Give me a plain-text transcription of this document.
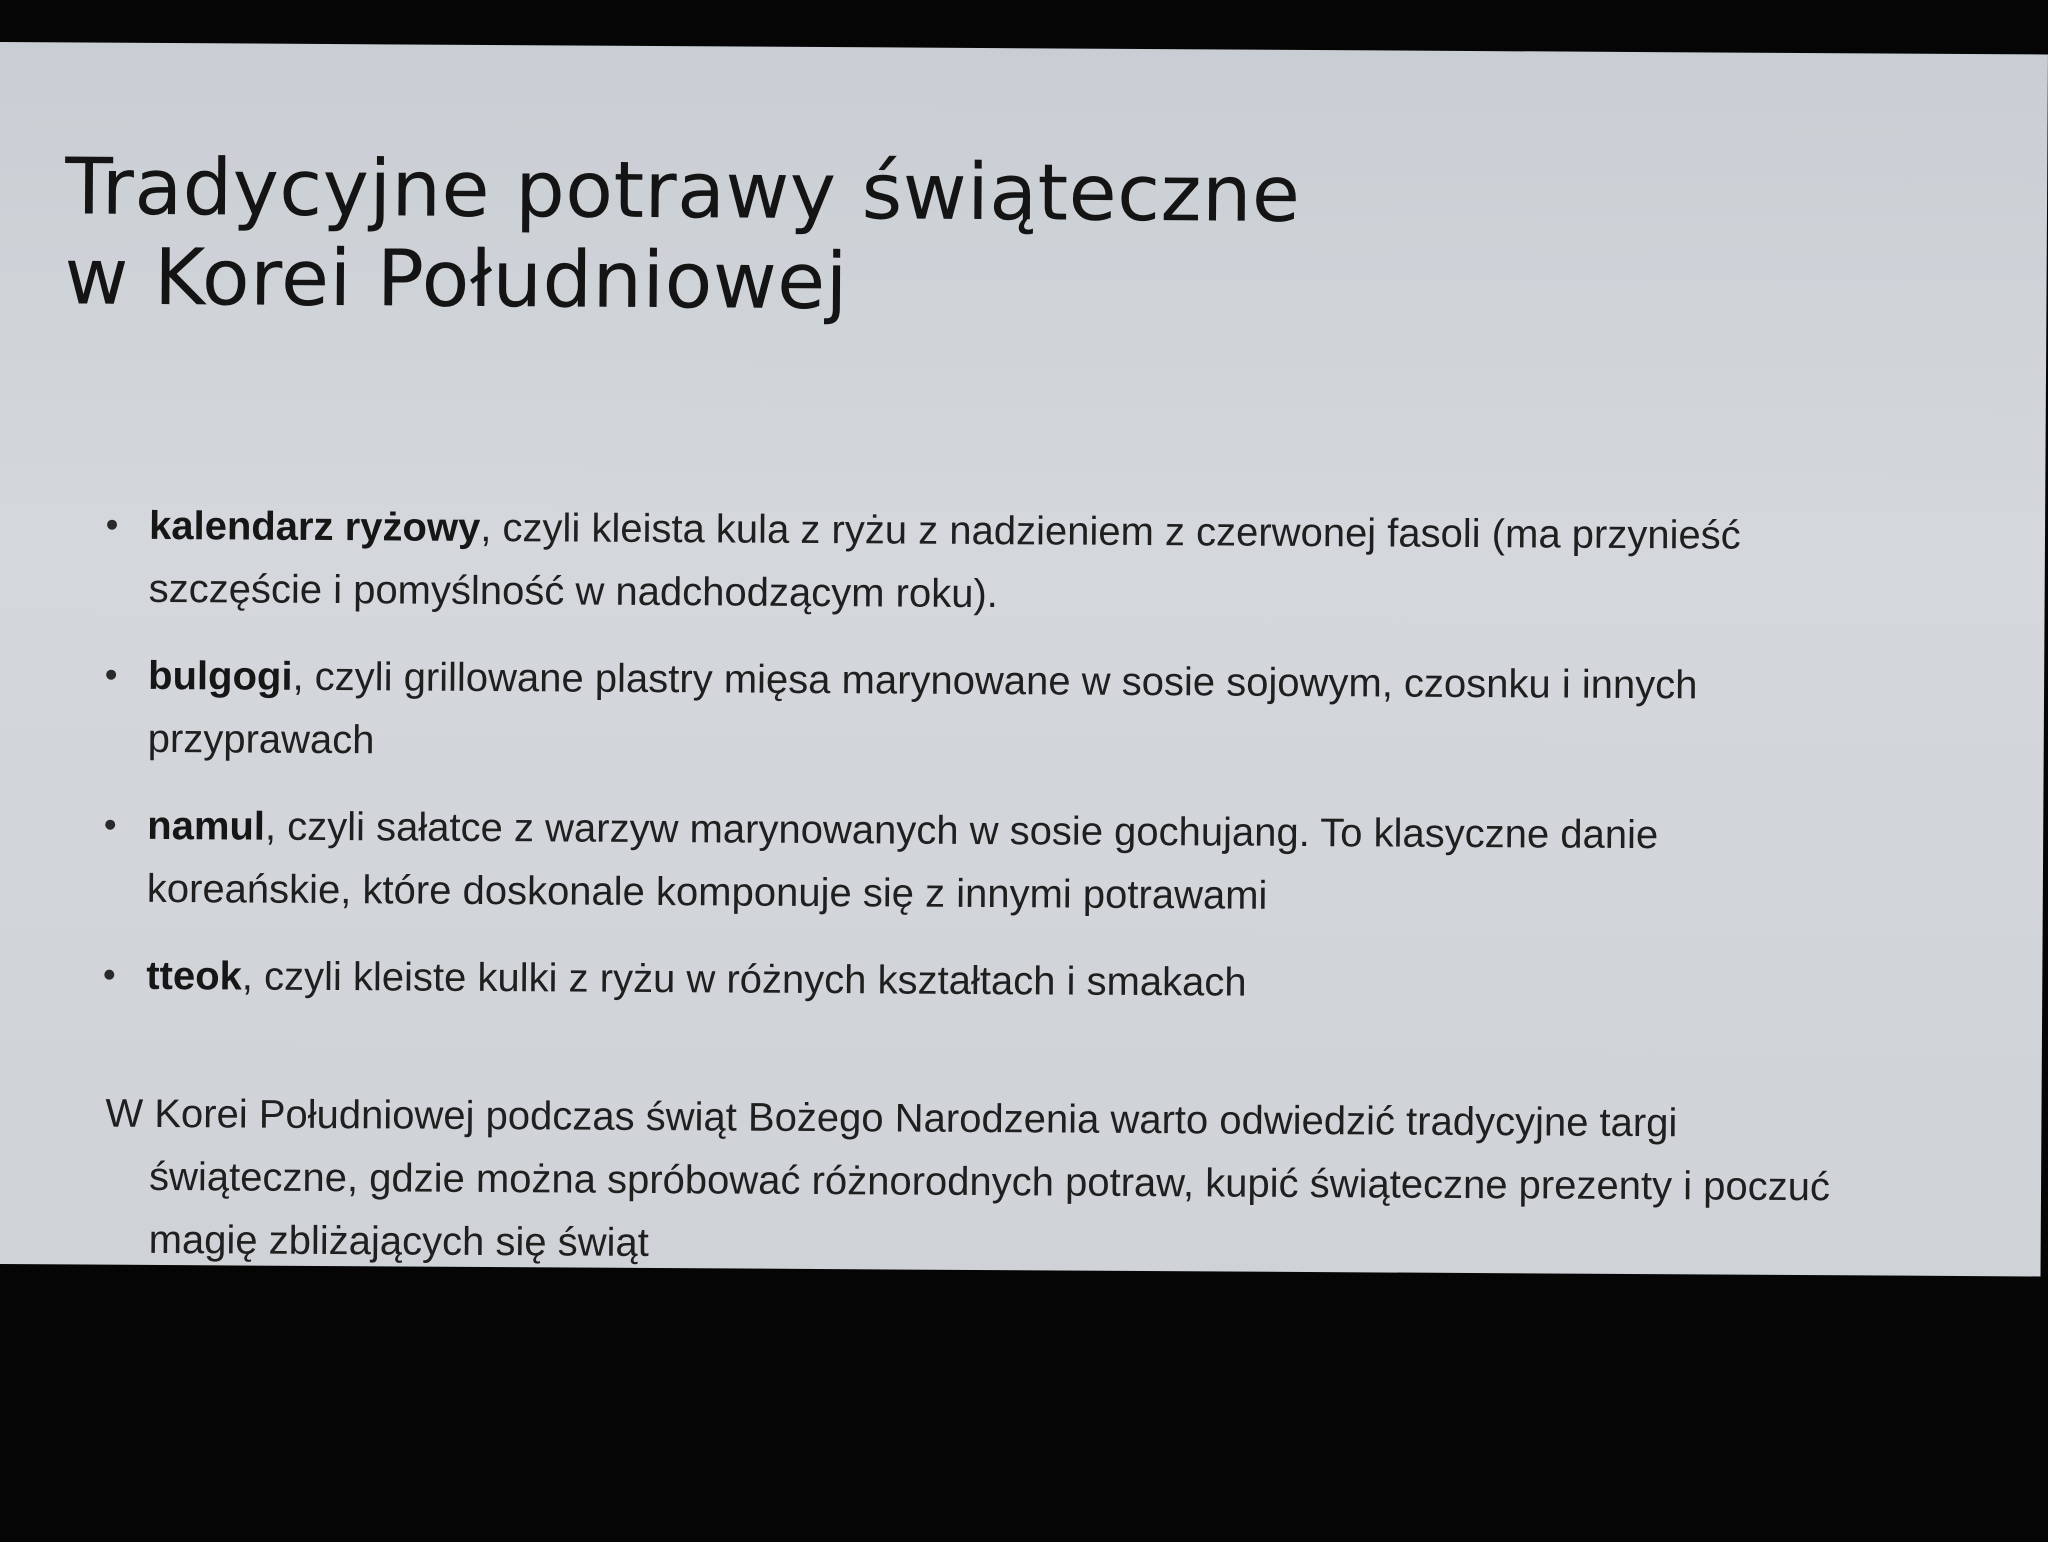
Tradycyjne potrawy świąteczne
w Korei Południowej
kalendarz ryżowy, czyli kleista kula z ryżu z nadzieniem z czerwonej fasoli (ma przynieść szczęście i pomyślność w nadchodzącym roku).
bulgogi, czyli grillowane plastry mięsa marynowane w sosie sojowym, czosnku i innych przyprawach
namul, czyli sałatce z warzyw marynowanych w sosie gochujang. To klasyczne danie koreańskie, które doskonale komponuje się z innymi potrawami
tteok, czyli kleiste kulki z ryżu w różnych kształtach i smakach

W Korei Południowej podczas świąt Bożego Narodzenia warto odwiedzić tradycyjne targi świąteczne, gdzie można spróbować różnorodnych potraw, kupić świąteczne prezenty i poczuć magię zbliżających się świąt
